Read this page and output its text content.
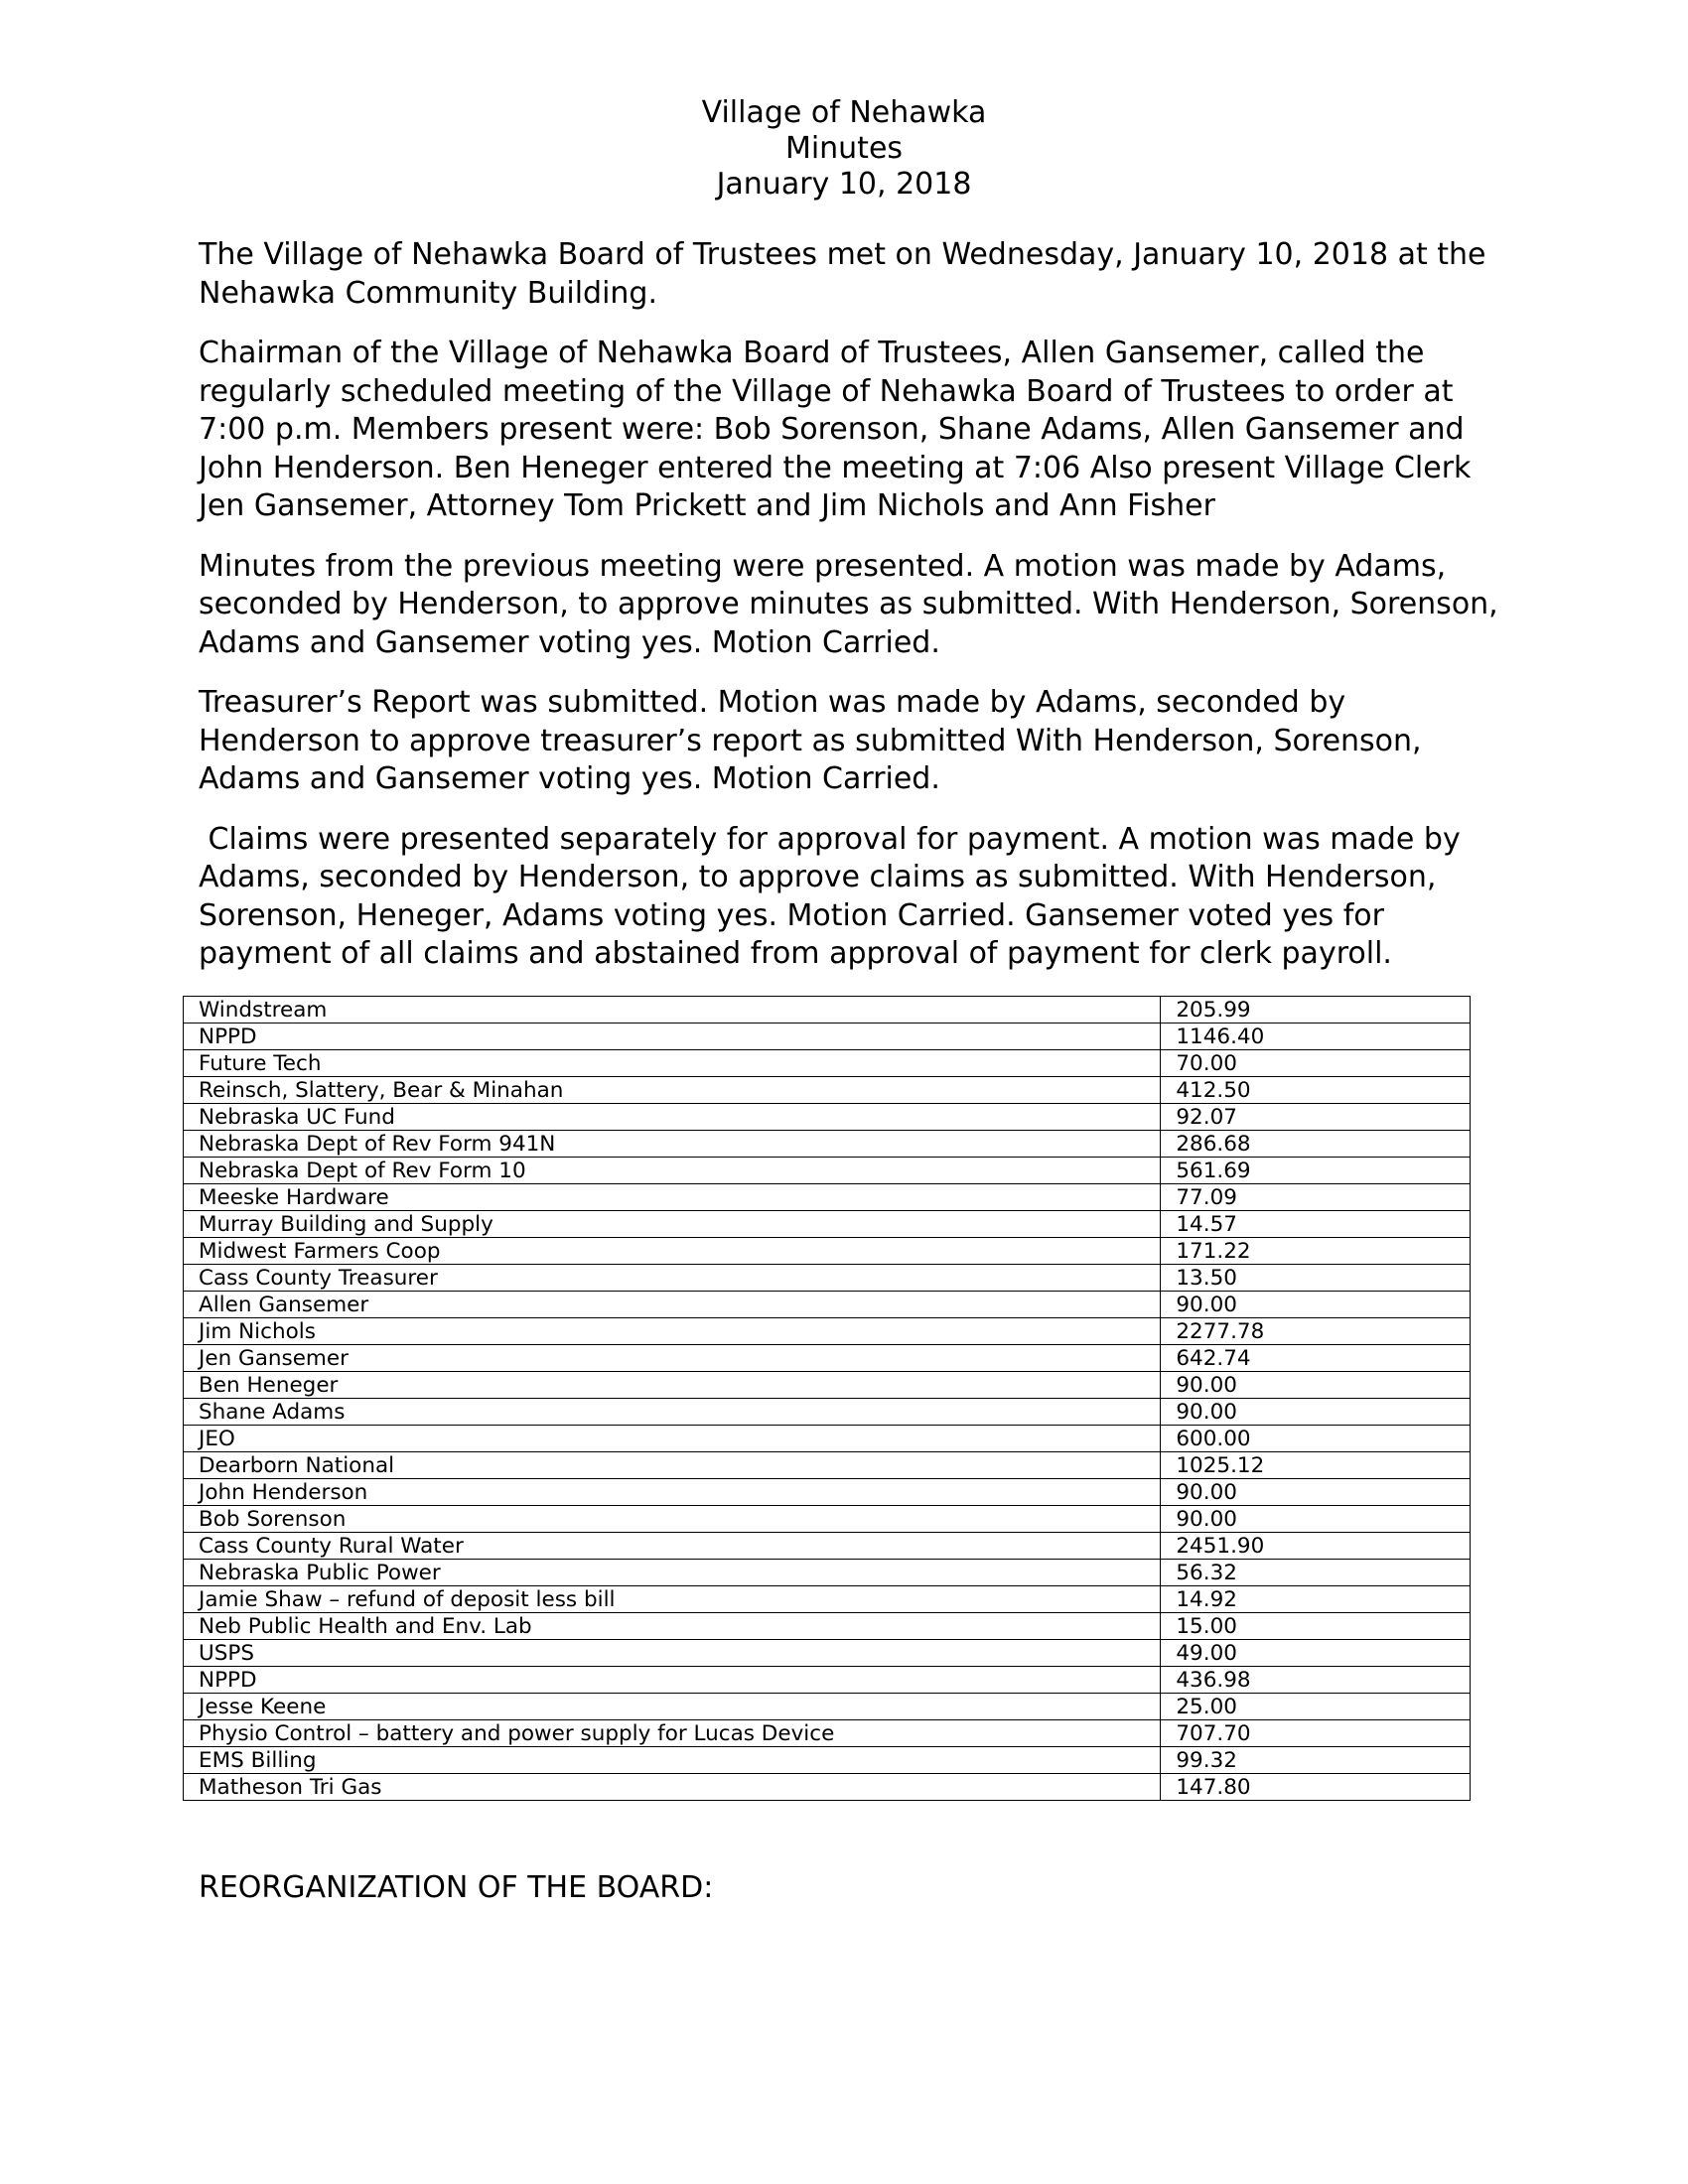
Village of Nehawka
Minutes
January 10, 2018

The Village of Nehawka Board of Trustees met on Wednesday, January 10, 2018 at the Nehawka Community Building.

Chairman of the Village of Nehawka Board of Trustees, Allen Gansemer, called the regularly scheduled meeting of the Village of Nehawka Board of Trustees to order at 7:00 p.m. Members present were: Bob Sorenson, Shane Adams, Allen Gansemer and John Henderson. Ben Heneger entered the meeting at 7:06 Also present Village Clerk Jen Gansemer, Attorney Tom Prickett and Jim Nichols and Ann Fisher

Minutes from the previous meeting were presented. A motion was made by Adams, seconded by Henderson, to approve minutes as submitted. With Henderson, Sorenson, Adams and Gansemer voting yes. Motion Carried.

Treasurer’s Report was submitted. Motion was made by Adams, seconded by Henderson to approve treasurer’s report as submitted With Henderson, Sorenson, Adams and Gansemer voting yes. Motion Carried.

Claims were presented separately for approval for payment. A motion was made by Adams, seconded by Henderson, to approve claims as submitted. With Henderson, Sorenson, Heneger, Adams voting yes. Motion Carried. Gansemer voted yes for payment of all claims and abstained from approval of payment for clerk payroll.

Windstream	205.99
NPPD	1146.40
Future Tech	70.00
Reinsch, Slattery, Bear & Minahan	412.50
Nebraska UC Fund	92.07
Nebraska Dept of Rev Form 941N	286.68
Nebraska Dept of Rev Form 10	561.69
Meeske Hardware	77.09
Murray Building and Supply	14.57
Midwest Farmers Coop	171.22
Cass County Treasurer	13.50
Allen Gansemer	90.00
Jim Nichols	2277.78
Jen Gansemer	642.74
Ben Heneger	90.00
Shane Adams	90.00
JEO	600.00
Dearborn National	1025.12
John Henderson	90.00
Bob Sorenson	90.00
Cass County Rural Water	2451.90
Nebraska Public Power	56.32
Jamie Shaw – refund of deposit less bill	14.92
Neb Public Health and Env. Lab	15.00
USPS	49.00
NPPD	436.98
Jesse Keene	25.00
Physio Control – battery and power supply for Lucas Device	707.70
EMS Billing	99.32
Matheson Tri Gas	147.80
REORGANIZATION OF THE BOARD:
